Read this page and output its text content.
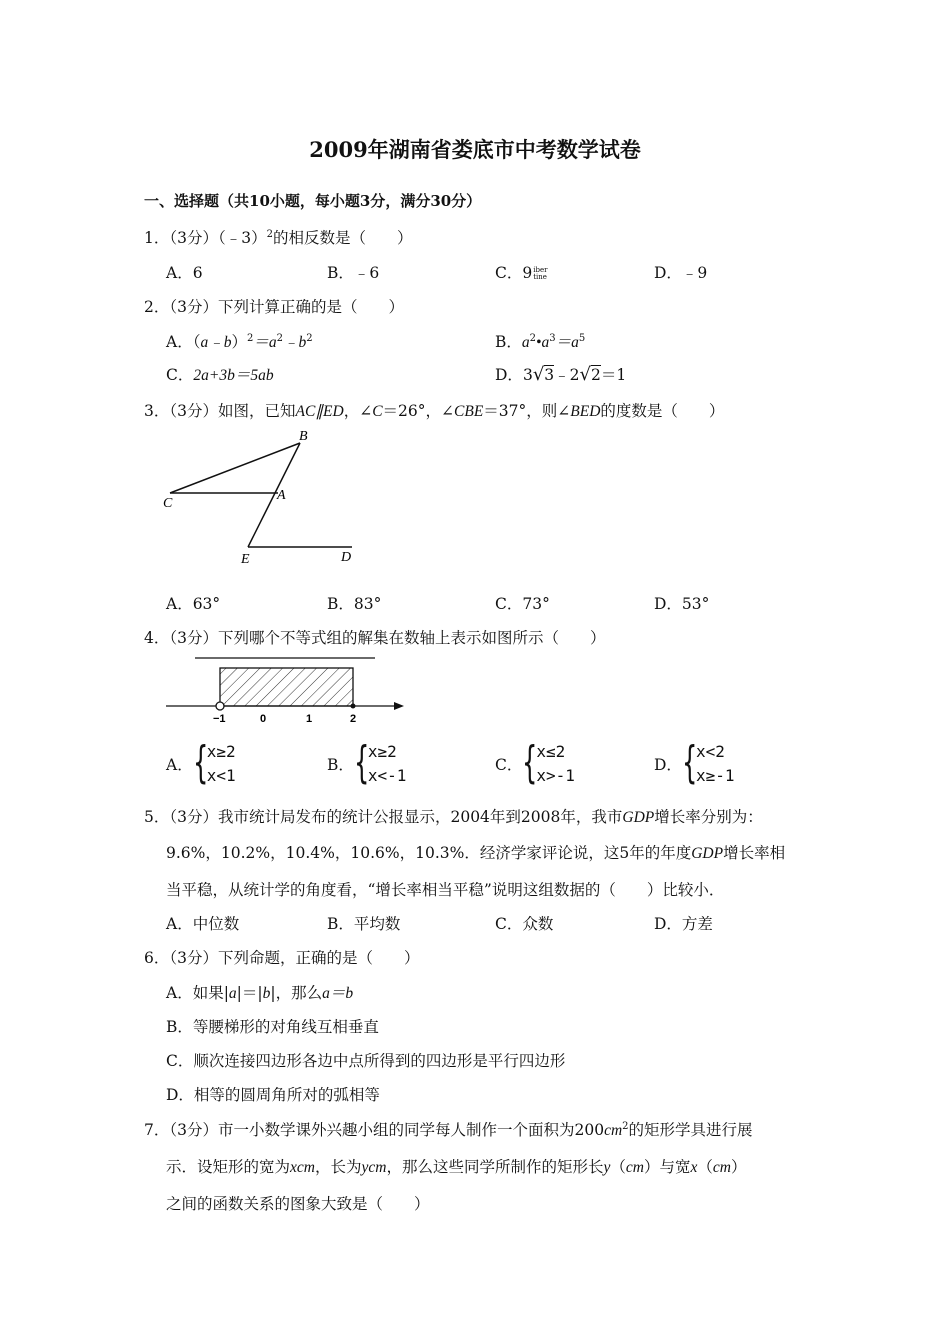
2009年湖南省娄底市中考数学试卷
一、选择题（共10小题，每小题3分，满分30分）
1．（3分）（﹣3）$^2$的相反数是（　　）
A．6	B．﹣6	C．9iber
tine	D．﹣9
2．（3分）下列计算正确的是（　　）
A．$(a﹣b)^2=a^2﹣b^2$	B．$a^2•a^3=a^5$
C．2a+3b＝5ab	D．3√3﹣2√2＝1
3．（3分）如图，已知AC∥ED，∠C＝26°，∠CBE＝37°，则∠BED的度数是（　　）
B
C
A
E	D
−1	0	1	2
A．63°	B．83°	C．73°	D．53°
4．（3分）下列哪个不等式组的解集在数轴上表示如图所示（　　）
A． {
x≥2
x<1
B． {
x≥2
x<-1
C． {
x≤2
x>-1
D． {
x<2
x≥-1
5．（3分）我市统计局发布的统计公报显示，2004年到2008年，我市GDP增长率分别为：
9.6%，10.2%，10.4%，10.6%，10.3%．经济学家评论说，这5年的年度GDP增长率相
当平稳，从统计学的角度看，“增长率相当平稳”说明这组数据的（　　）比较小．
A．中位数	B．平均数	C．众数	D．方差
6．（3分）下列命题，正确的是（　　）
A．如果|a|＝|b|，那么a＝b
B．等腰梯形的对角线互相垂直
C．顺次连接四边形各边中点所得到的四边形是平行四边形
D．相等的圆周角所对的弧相等
7．（3分）市一小数学课外兴趣小组的同学每人制作一个面积为$200cm^2$的矩形学具进行展
示．设矩形的宽为xcm，长为ycm，那么这些同学所制作的矩形长y（cm）与宽x（cm）
之间的函数关系的图象大致是（　　）
